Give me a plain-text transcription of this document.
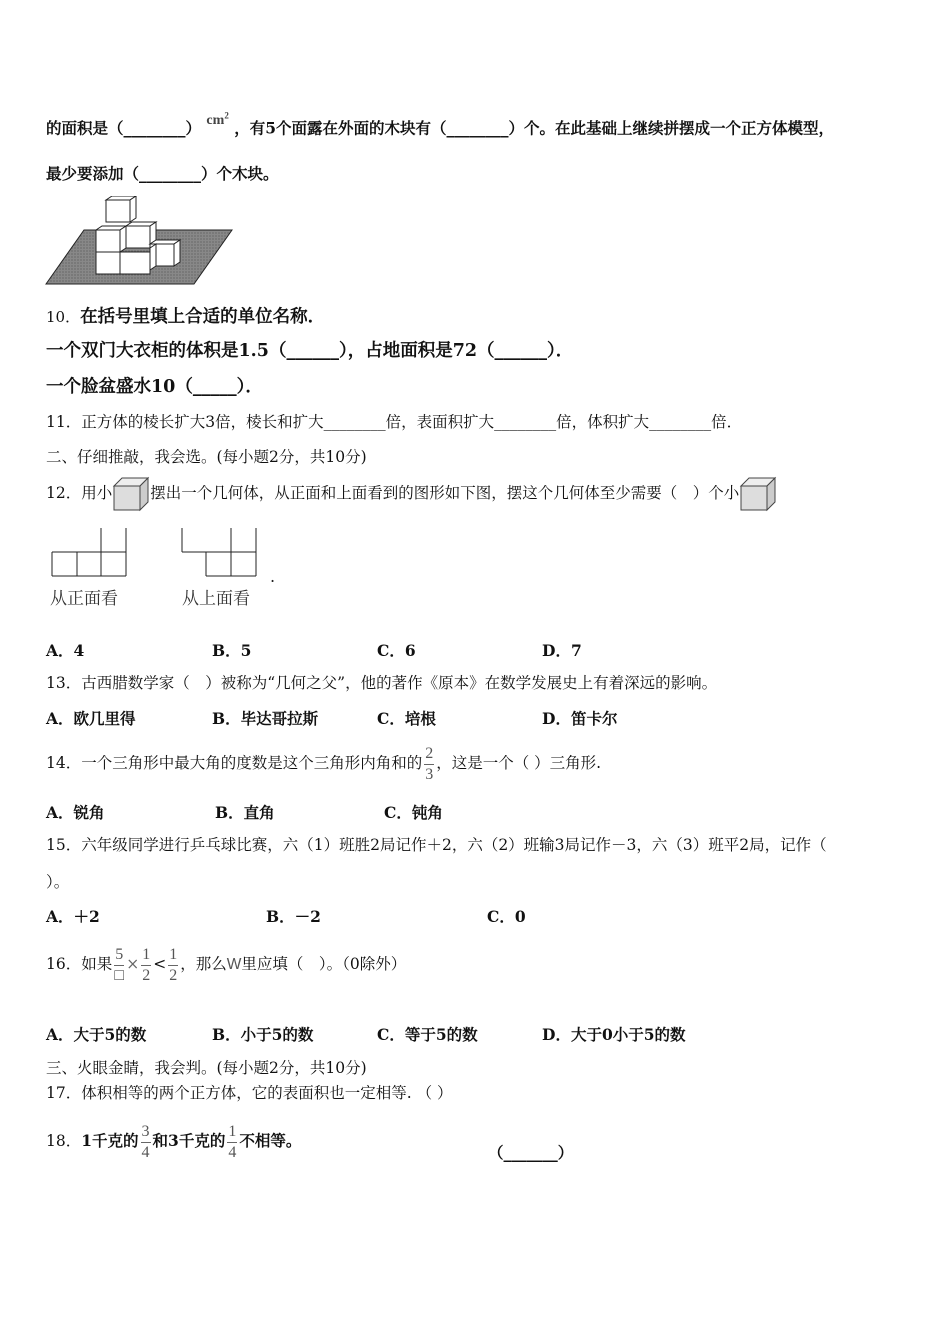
的面积是（________） $cm^2$ ，有5个面露在外面的木块有（________）个。在此基础上继续拼摆成一个正方体模型，
最少要添加（________）个木块。
10．在括号里填上合适的单位名称．
一个双门大衣柜的体积是1.5（______），占地面积是72（______）．
一个脸盆盛水10（_____）．
11．正方体的棱长扩大3倍，棱长和扩大________倍，表面积扩大________倍，体积扩大________倍．
二、仔细推敲，我会选。(每小题2分，共10分)
12．用小 摆出一个几何体，从正面和上面看到的图形如下图，摆这个几何体至少需要（　）个小
从正面看	从上面看
.
A．4	B．5	C．6	D．7
13．古西腊数学家（　）被称为“几何之父”，他的著作《原本》在数学发展史上有着深远的影响。
A．欧几里得	B．毕达哥拉斯	C．培根	D．笛卡尔
14．一个三角形中最大角的度数是这个三角形内角和的 $\frac{2}{3}$ ，这是一个（ ）三角形.
A．锐角	B．直角	C．钝角
15．六年级同学进行乒乓球比赛，六（1）班胜2局记作＋2，六（2）班输3局记作－3，六（3）班平2局，记作（
）。
A．＋2	B．－2	C．0
16．如果 $\frac{5}{□} \times \frac{1}{2} < \frac{1}{2}$ ，那么W里应填（　）。（0除外）
A．大于5的数	B．小于5的数	C．等于5的数	D．大于0小于5的数
三、火眼金睛，我会判。(每小题2分，共10分)
17．体积相等的两个正方体，它的表面积也一定相等. （ ）
18．1千克的 $\frac{3}{4}$ 和3千克的 $\frac{1}{4}$ 不相等。
（_______）
